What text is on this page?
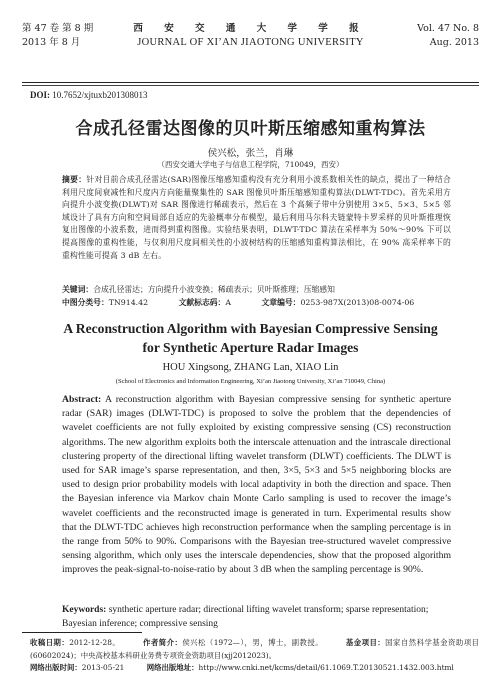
第 47 卷 第 8 期
2013 年 8 月
西 安 交 通 大 学 学 报
JOURNAL OF XI’AN JIAOTONG UNIVERSITY
Vol. 47 No. 8
Aug. 2013
DOI: 10.7652/xjtuxb201308013
合成孔径雷达图像的贝叶斯压缩感知重构算法
侯兴松，张兰，肖琳
（西安交通大学电子与信息工程学院，710049，西安）
摘要：针对目前合成孔径雷达(SAR)图像压缩感知重构没有充分利用小波系数相关性的缺点，提出了一种结合利用尺度间衰减性和尺度内方向能量聚集性的 SAR 图像贝叶斯压缩感知重构算法(DLWT-TDC)。首先采用方向提升小波变换(DLWT)对 SAR 图像进行稀疏表示，然后在 3 个高频子带中分别使用 3×5、5×3、5×5 邻域设计了具有方向和空间局部自适应的先验概率分布模型，最后利用马尔科夫链蒙特卡罗采样的贝叶斯推理恢复出图像的小波系数，进而得到重构图像。实验结果表明，DLWT-TDC 算法在采样率为 50%～90% 下可以提高图像的重构性能，与仅利用尺度间相关性的小波树结构的压缩感知重构算法相比，在 90% 高采样率下的重构性能可提高 3 dB 左右。
关键词：合成孔径雷达；方向提升小波变换；稀疏表示；贝叶斯推理；压缩感知
中图分类号：TN914.42	文献标志码：A	文章编号：0253-987X(2013)08-0074-06
A Reconstruction Algorithm with Bayesian Compressive Sensing
for Synthetic Aperture Radar Images
HOU Xingsong, ZHANG Lan, XIAO Lin
(School of Electronics and Information Engineering, Xi’an Jiaotong University, Xi’an 710049, China)
Abstract: A reconstruction algorithm with Bayesian compressive sensing for synthetic aperture radar (SAR) images (DLWT-TDC) is proposed to solve the problem that the dependencies of wavelet coefficients are not fully exploited by existing compressive sensing (CS) reconstruction algorithms. The new algorithm exploits both the interscale attenuation and the intrascale directional clustering property of the directional lifting wavelet transform (DLWT) coefficients. The DLWT is used for SAR image’s sparse representation, and then, 3×5, 5×3 and 5×5 neighboring blocks are used to design prior probability models with local adaptivity in both the direction and space. Then the Bayesian inference via Markov chain Monte Carlo sampling is used to recover the image’s wavelet coefficients and the reconstructed image is generated in turn. Experimental results show that the DLWT-TDC achieves high reconstruction performance when the sampling percentage is in the range from 50% to 90%. Comparisons with the Bayesian tree-structured wavelet compressive sensing algorithm, which only uses the interscale dependencies, show that the proposed algorithm improves the peak-signal-to-noise-ratio by about 3 dB when the sampling percentage is 90%.
Keywords: synthetic aperture radar; directional lifting wavelet transform; sparse representation; Bayesian inference; compressive sensing
收稿日期：2012-12-28。	作者简介：侯兴松（1972—），男，博士，副教授。	基金项目：国家自然科学基金资助项目(60602024)；中央高校基本科研业务费专项资金资助项目(xjj2012023)。
网络出版时间：2013-05-21	网络出版地址：http://www.cnki.net/kcms/detail/61.1069.T.20130521.1432.003.html
